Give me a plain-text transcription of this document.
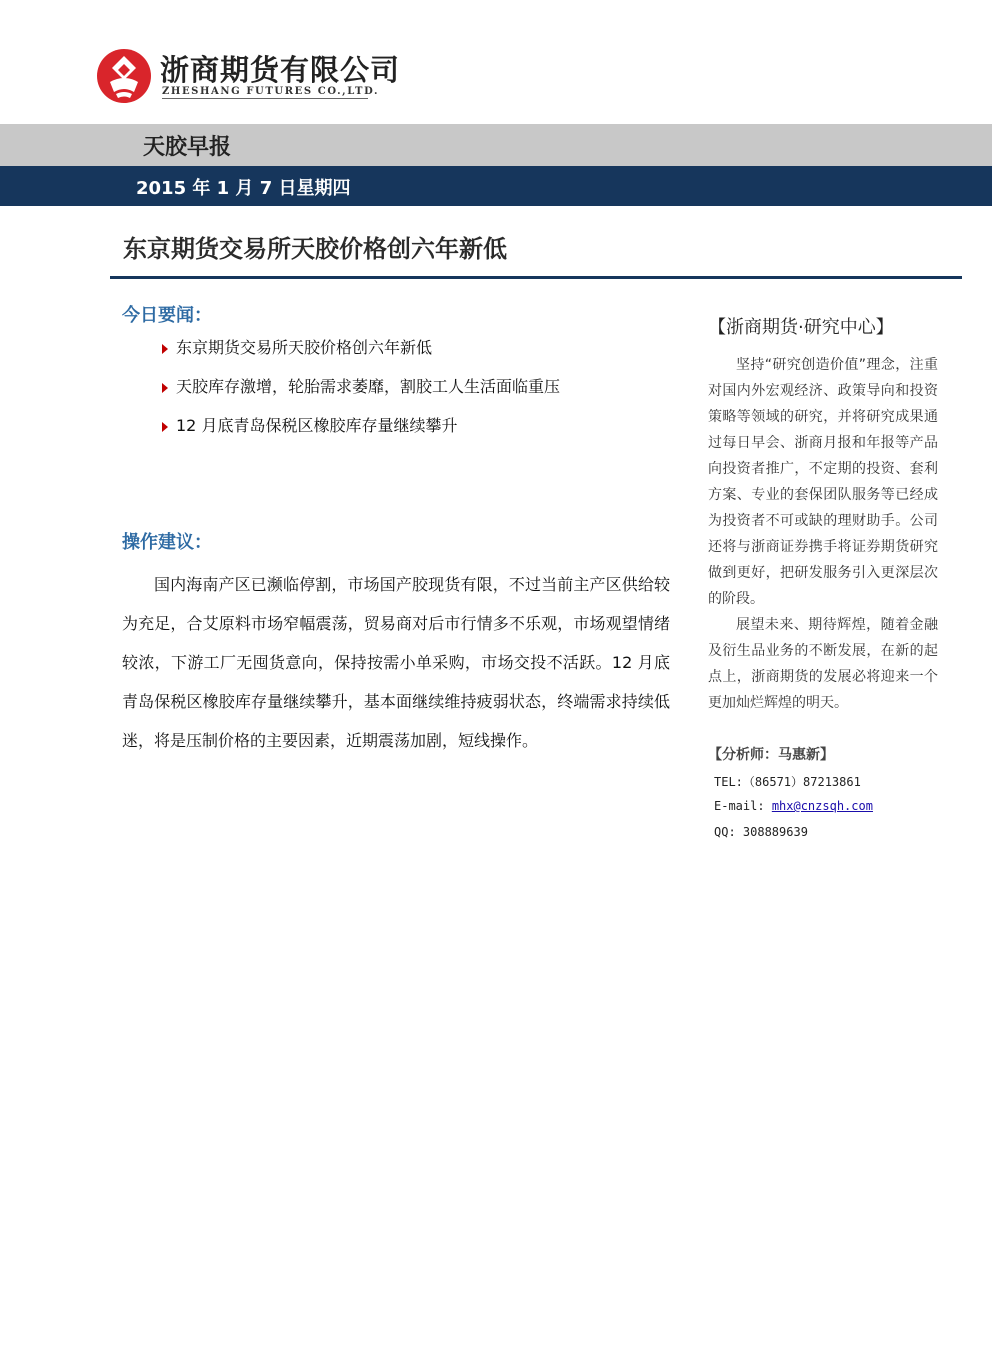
浙商期货有限公司
ZHESHANG FUTURES CO.,LTD.
天胶早报
2015 年 1 月 7 日星期四
东京期货交易所天胶价格创六年新低
今日要闻：
东京期货交易所天胶价格创六年新低
天胶库存激增，轮胎需求萎靡，割胶工人生活面临重压
12 月底青岛保税区橡胶库存量继续攀升
操作建议：
国内海南产区已濒临停割，市场国产胶现货有限，不过当前主产区供给较为充足，合艾原料市场窄幅震荡，贸易商对后市行情多不乐观，市场观望情绪较浓，下游工厂无囤货意向，保持按需小单采购，市场交投不活跃。12 月底青岛保税区橡胶库存量继续攀升，基本面继续维持疲弱状态，终端需求持续低迷，将是压制价格的主要因素，近期震荡加剧，短线操作。
【浙商期货·研究中心】
坚持“研究创造价值”理念，注重对国内外宏观经济、政策导向和投资策略等领域的研究，并将研究成果通过每日早会、浙商月报和年报等产品向投资者推广，不定期的投资、套利方案、专业的套保团队服务等已经成为投资者不可或缺的理财助手。公司还将与浙商证券携手将证券期货研究做到更好，把研发服务引入更深层次的阶段。
展望未来、期待辉煌，随着金融及衍生品业务的不断发展，在新的起点上，浙商期货的发展必将迎来一个更加灿烂辉煌的明天。
【分析师：马惠新】
TEL:（86571）87213861
E-mail: mhx@cnzsqh.com
QQ: 308889639
